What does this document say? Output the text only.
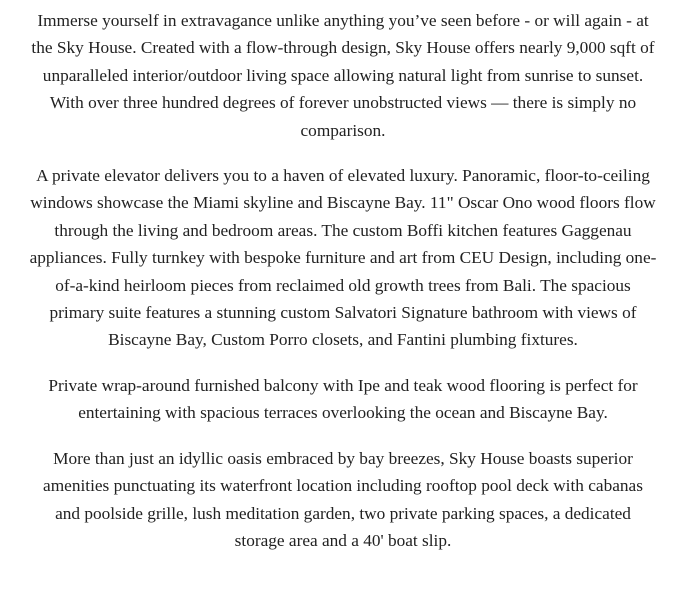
Immerse yourself in extravagance unlike anything you’ve seen before - or will again - at the Sky House. Created with a flow-through design, Sky House offers nearly 9,000 sqft of unparalleled interior/outdoor living space allowing natural light from sunrise to sunset. With over three hundred degrees of forever unobstructed views — there is simply no comparison.

A private elevator delivers you to a haven of elevated luxury. Panoramic, floor-to-ceiling windows showcase the Miami skyline and Biscayne Bay. 11" Oscar Ono wood floors flow through the living and bedroom areas. The custom Boffi kitchen features Gaggenau appliances. Fully turnkey with bespoke furniture and art from CEU Design, including one-of-a-kind heirloom pieces from reclaimed old growth trees from Bali. The spacious primary suite features a stunning custom Salvatori Signature bathroom with views of Biscayne Bay, Custom Porro closets, and Fantini plumbing fixtures.

Private wrap-around furnished balcony with Ipe and teak wood flooring is perfect for entertaining with spacious terraces overlooking the ocean and Biscayne Bay.

More than just an idyllic oasis embraced by bay breezes, Sky House boasts superior amenities punctuating its waterfront location including rooftop pool deck with cabanas and poolside grille, lush meditation garden, two private parking spaces, a dedicated storage area and a 40' boat slip.
